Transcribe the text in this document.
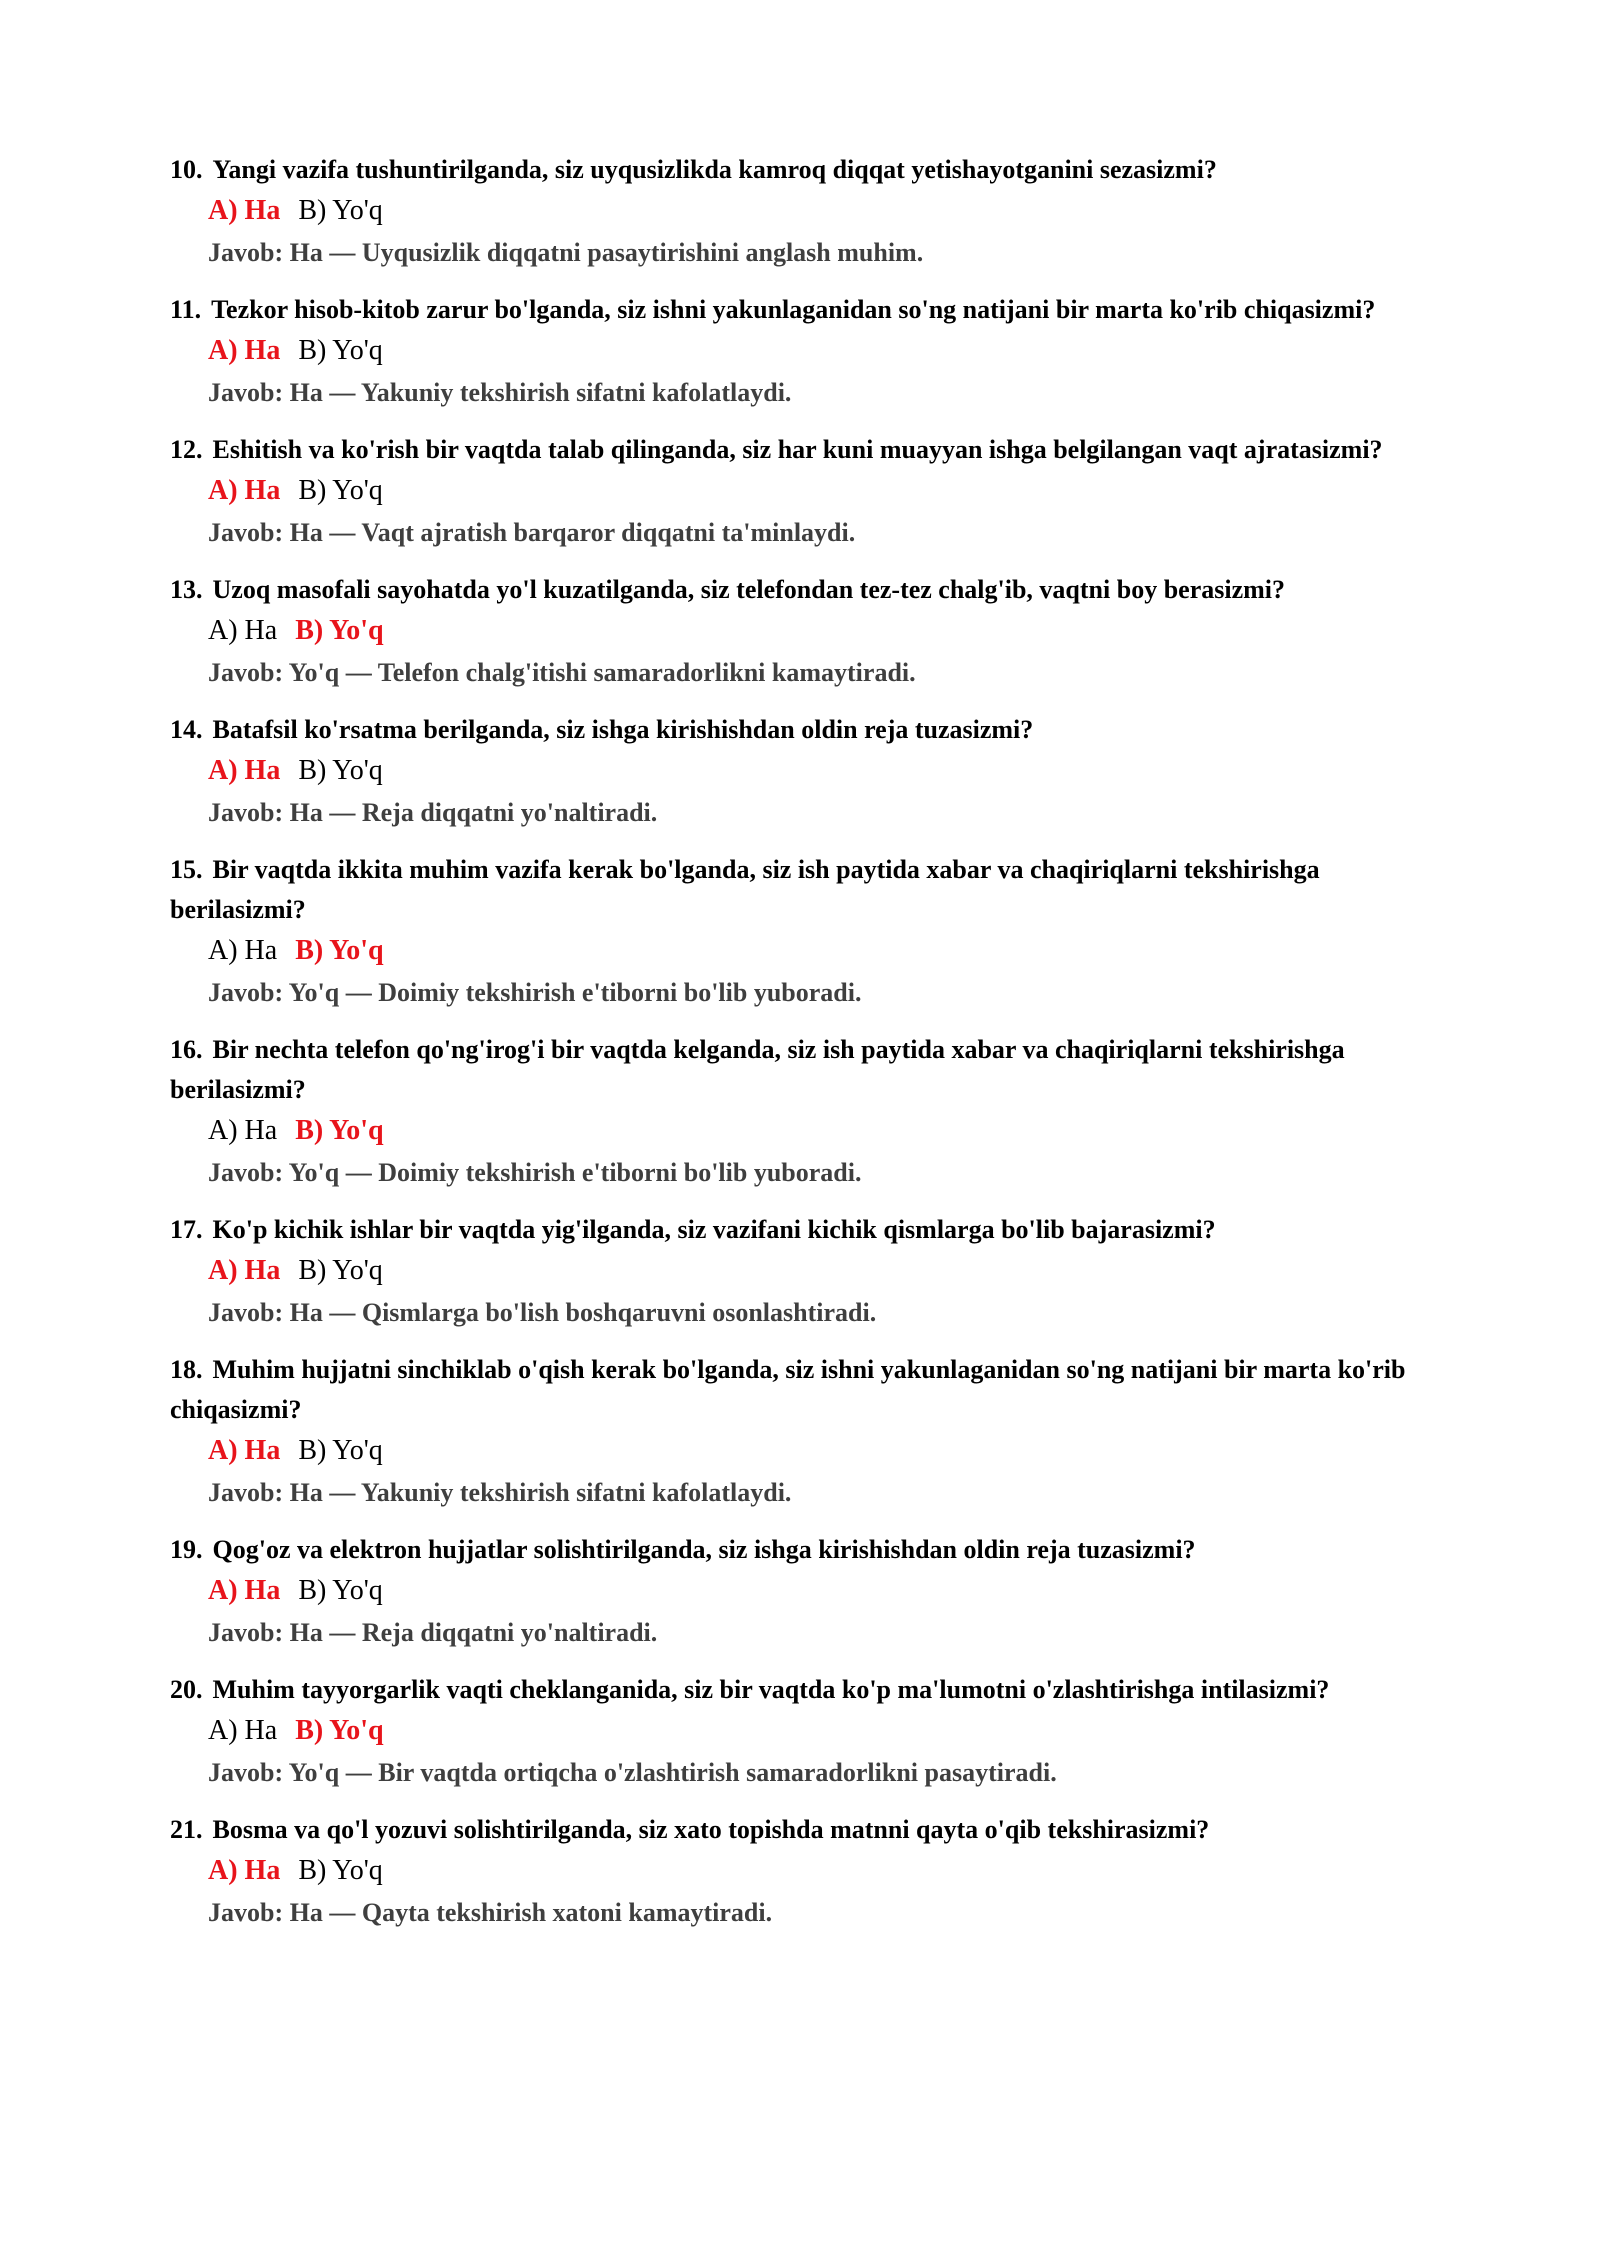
10. Yangi vazifa tushuntirilganda, siz uyqusizlikda kamroq diqqat yetishayotganini sezasizmi?

A) Ha B) Yo'q
Javob: Ha — Uyqusizlik diqqatni pasaytirishini anglash muhim.

11. Tezkor hisob-kitob zarur bo'lganda, siz ishni yakunlaganidan so'ng natijani bir marta ko'rib chiqasizmi?

A) Ha B) Yo'q
Javob: Ha — Yakuniy tekshirish sifatni kafolatlaydi.

12. Eshitish va ko'rish bir vaqtda talab qilinganda, siz har kuni muayyan ishga belgilangan vaqt ajratasizmi?

A) Ha B) Yo'q
Javob: Ha — Vaqt ajratish barqaror diqqatni ta'minlaydi.

13. Uzoq masofali sayohatda yo'l kuzatilganda, siz telefondan tez-tez chalg'ib, vaqtni boy berasizmi?

A) Ha B) Yo'q
Javob: Yo'q — Telefon chalg'itishi samaradorlikni kamaytiradi.

14. Batafsil ko'rsatma berilganda, siz ishga kirishishdan oldin reja tuzasizmi?

A) Ha B) Yo'q
Javob: Ha — Reja diqqatni yo'naltiradi.

15. Bir vaqtda ikkita muhim vazifa kerak bo'lganda, siz ish paytida xabar va chaqiriqlarni tekshirishga berilasizmi?

A) Ha B) Yo'q
Javob: Yo'q — Doimiy tekshirish e'tiborni bo'lib yuboradi.

16. Bir nechta telefon qo'ng'irog'i bir vaqtda kelganda, siz ish paytida xabar va chaqiriqlarni tekshirishga berilasizmi?

A) Ha B) Yo'q
Javob: Yo'q — Doimiy tekshirish e'tiborni bo'lib yuboradi.

17. Ko'p kichik ishlar bir vaqtda yig'ilganda, siz vazifani kichik qismlarga bo'lib bajarasizmi?

A) Ha B) Yo'q
Javob: Ha — Qismlarga bo'lish boshqaruvni osonlashtiradi.

18. Muhim hujjatni sinchiklab o'qish kerak bo'lganda, siz ishni yakunlaganidan so'ng natijani bir marta ko'rib chiqasizmi?

A) Ha B) Yo'q
Javob: Ha — Yakuniy tekshirish sifatni kafolatlaydi.

19. Qog'oz va elektron hujjatlar solishtirilganda, siz ishga kirishishdan oldin reja tuzasizmi?

A) Ha B) Yo'q
Javob: Ha — Reja diqqatni yo'naltiradi.

20. Muhim tayyorgarlik vaqti cheklanganida, siz bir vaqtda ko'p ma'lumotni o'zlashtirishga intilasizmi?

A) Ha B) Yo'q
Javob: Yo'q — Bir vaqtda ortiqcha o'zlashtirish samaradorlikni pasaytiradi.

21. Bosma va qo'l yozuvi solishtirilganda, siz xato topishda matnni qayta o'qib tekshirasizmi?

A) Ha B) Yo'q
Javob: Ha — Qayta tekshirish xatoni kamaytiradi.
